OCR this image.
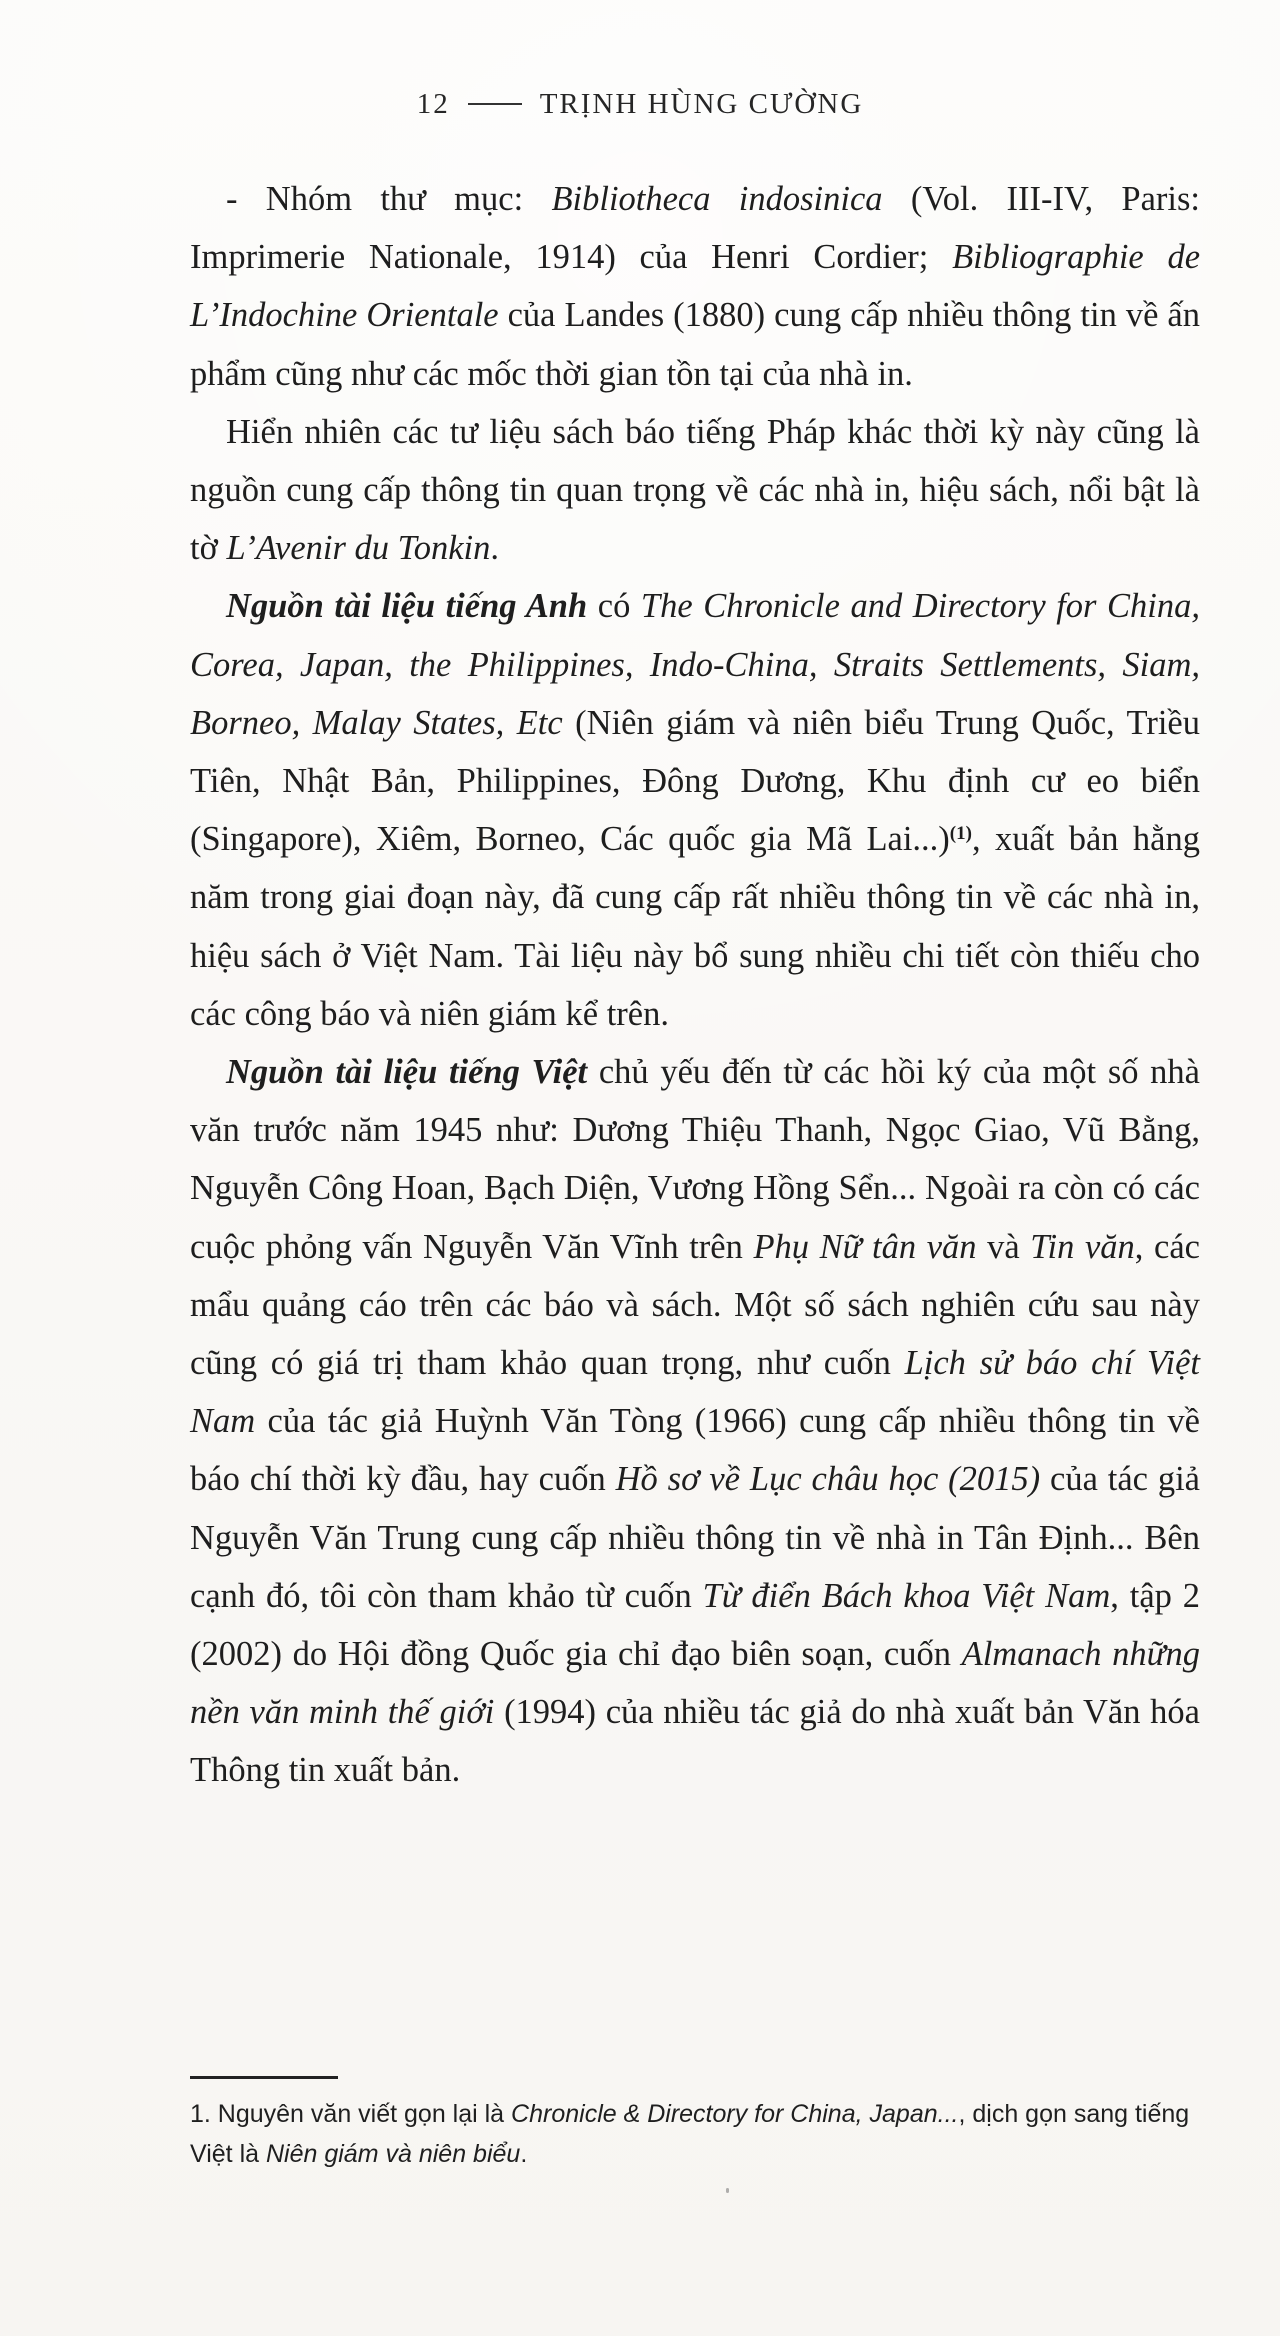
12	TRỊNH HÙNG CƯỜNG

- Nhóm thư mục: Bibliotheca indosinica (Vol. III-IV, Paris: Imprimerie Nationale, 1914) của Henri Cordier; Bibliographie de L’Indochine Orientale của Landes (1880) cung cấp nhiều thông tin về ấn phẩm cũng như các mốc thời gian tồn tại của nhà in.

Hiển nhiên các tư liệu sách báo tiếng Pháp khác thời kỳ này cũng là nguồn cung cấp thông tin quan trọng về các nhà in, hiệu sách, nổi bật là tờ L’Avenir du Tonkin.

Nguồn tài liệu tiếng Anh có The Chronicle and Directory for China, Corea, Japan, the Philippines, Indo-China, Straits Settlements, Siam, Borneo, Malay States, Etc (Niên giám và niên biểu Trung Quốc, Triều Tiên, Nhật Bản, Philippines, Đông Dương, Khu định cư eo biển (Singapore), Xiêm, Borneo, Các quốc gia Mã Lai...)$^{(1)}$, xuất bản hằng năm trong giai đoạn này, đã cung cấp rất nhiều thông tin về các nhà in, hiệu sách ở Việt Nam. Tài liệu này bổ sung nhiều chi tiết còn thiếu cho các công báo và niên giám kể trên.

Nguồn tài liệu tiếng Việt chủ yếu đến từ các hồi ký của một số nhà văn trước năm 1945 như: Dương Thiệu Thanh, Ngọc Giao, Vũ Bằng, Nguyễn Công Hoan, Bạch Diện, Vương Hồng Sển... Ngoài ra còn có các cuộc phỏng vấn Nguyễn Văn Vĩnh trên Phụ Nữ tân văn và Tin văn, các mẩu quảng cáo trên các báo và sách. Một số sách nghiên cứu sau này cũng có giá trị tham khảo quan trọng, như cuốn Lịch sử báo chí Việt Nam của tác giả Huỳnh Văn Tòng (1966) cung cấp nhiều thông tin về báo chí thời kỳ đầu, hay cuốn Hồ sơ về Lục châu học (2015) của tác giả Nguyễn Văn Trung cung cấp nhiều thông tin về nhà in Tân Định... Bên cạnh đó, tôi còn tham khảo từ cuốn Từ điển Bách khoa Việt Nam, tập 2 (2002) do Hội đồng Quốc gia chỉ đạo biên soạn, cuốn Almanach những nền văn minh thế giới (1994) của nhiều tác giả do nhà xuất bản Văn hóa Thông tin xuất bản.

1. Nguyên văn viết gọn lại là Chronicle & Directory for China, Japan..., dịch gọn sang tiếng Việt là Niên giám và niên biểu.
